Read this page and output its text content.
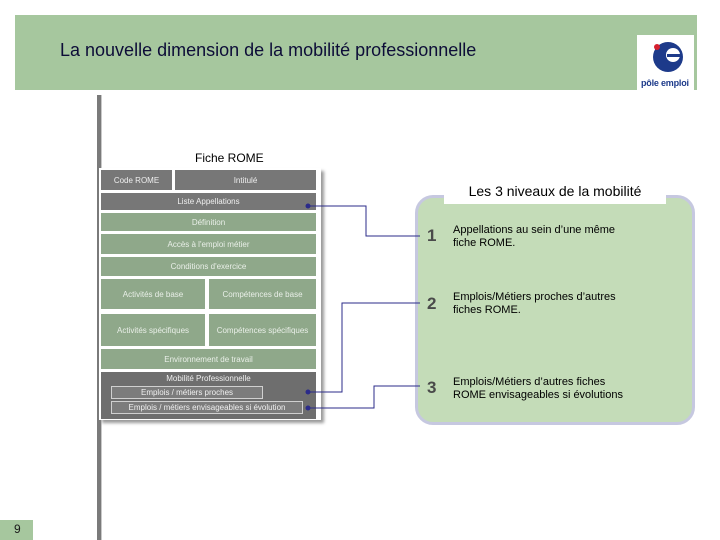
La nouvelle dimension de la mobilité professionnelle
pôle emploi
9
Fiche ROME
Code ROME	Intitulé
Liste Appellations
Définition
Accès à l'emploi métier
Conditions d'exercice
Activités de base	Compétences de base
Activités spécifiques	Compétences spécifiques
Environnement de travail
Mobilité Professionnelle
Emplois / métiers proches
Emplois / métiers envisageables si évolution
Les 3 niveaux de la mobilité
1 Appellations au sein d’une même
fiche ROME.
2 Emplois/Métiers proches d’autres
fiches ROME.
3 Emplois/Métiers d’autres fiches
ROME envisageables si évolutions
